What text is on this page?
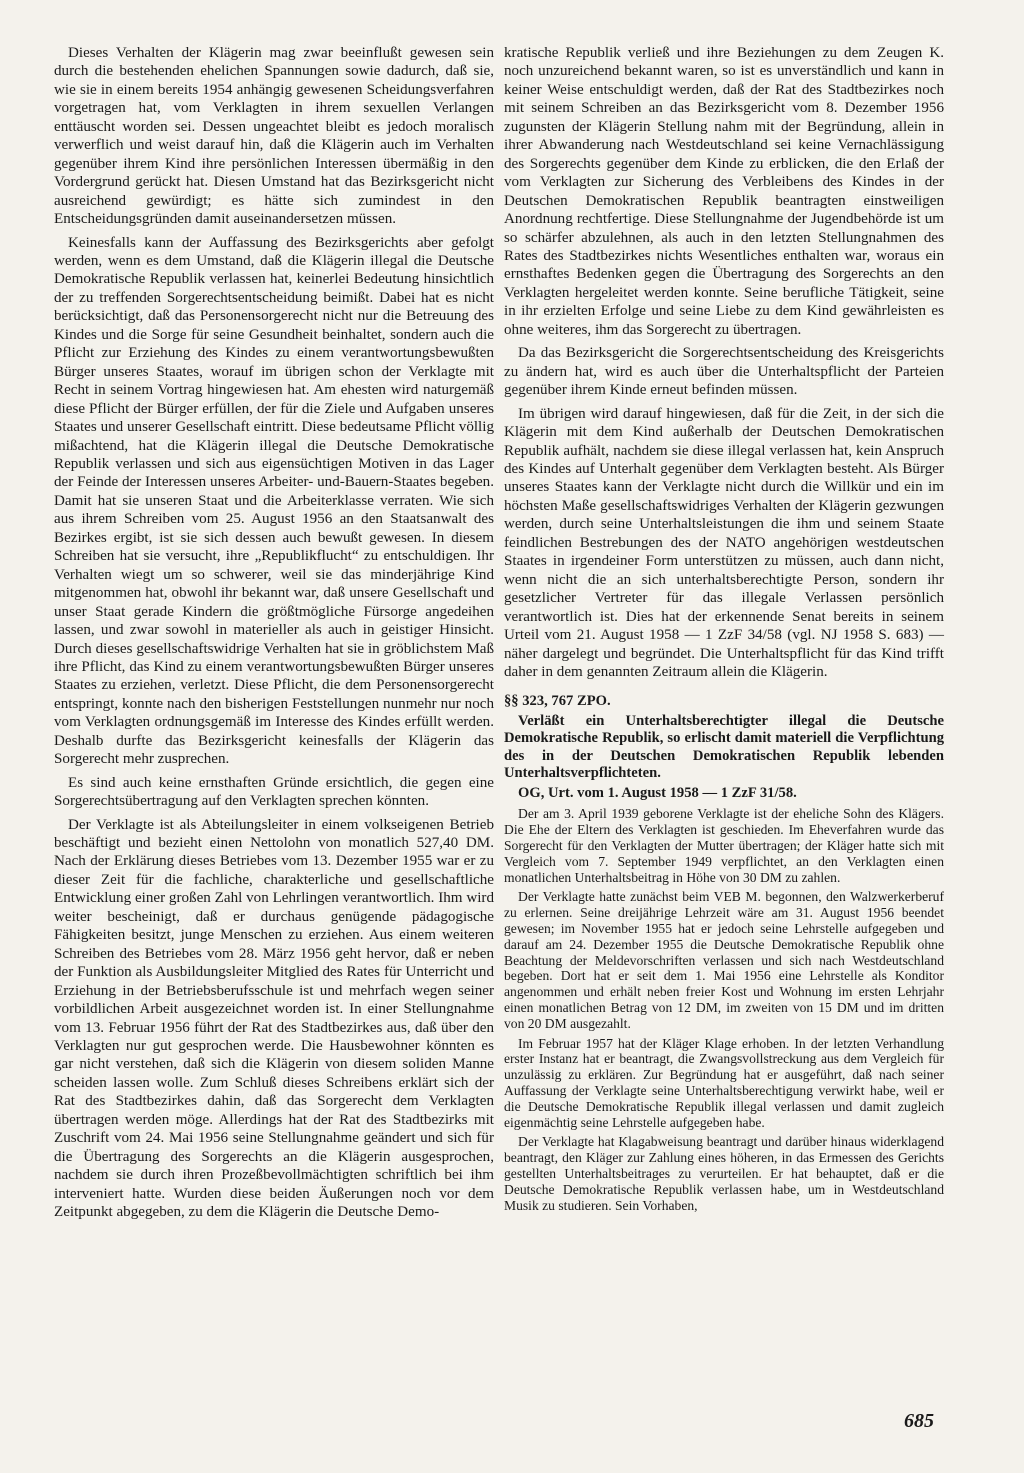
Dieses Verhalten der Klägerin mag zwar beeinflußt gewesen sein durch die bestehenden ehelichen Spannungen sowie dadurch, daß sie, wie sie in einem bereits 1954 anhängig gewesenen Scheidungsverfahren vorgetragen hat, vom Verklagten in ihrem sexuellen Verlangen enttäuscht worden sei. Dessen ungeachtet bleibt es jedoch moralisch verwerflich und weist darauf hin, daß die Klägerin auch im Verhalten gegenüber ihrem Kind ihre persönlichen Interessen übermäßig in den Vordergrund gerückt hat. Diesen Umstand hat das Bezirksgericht nicht ausreichend gewürdigt; es hätte sich zumindest in den Entscheidungsgründen damit auseinandersetzen müssen.

Keinesfalls kann der Auffassung des Bezirksgerichts aber gefolgt werden, wenn es dem Umstand, daß die Klägerin illegal die Deutsche Demokratische Republik verlassen hat, keinerlei Bedeutung hinsichtlich der zu treffenden Sorgerechtsentscheidung beimißt. Dabei hat es nicht berücksichtigt, daß das Personensorgerecht nicht nur die Betreuung des Kindes und die Sorge für seine Gesundheit beinhaltet, sondern auch die Pflicht zur Erziehung des Kindes zu einem verantwortungsbewußten Bürger unseres Staates, worauf im übrigen schon der Verklagte mit Recht in seinem Vortrag hingewiesen hat. Am ehesten wird naturgemäß diese Pflicht der Bürger erfüllen, der für die Ziele und Aufgaben unseres Staates und unserer Gesellschaft eintritt. Diese bedeutsame Pflicht völlig mißachtend, hat die Klägerin illegal die Deutsche Demokratische Republik verlassen und sich aus eigensüchtigen Motiven in das Lager der Feinde der Interessen unseres Arbeiter- und-Bauern-Staates begeben. Damit hat sie unseren Staat und die Arbeiterklasse verraten. Wie sich aus ihrem Schreiben vom 25. August 1956 an den Staatsanwalt des Bezirkes ergibt, ist sie sich dessen auch bewußt gewesen. In diesem Schreiben hat sie versucht, ihre „Republikflucht“ zu entschuldigen. Ihr Verhalten wiegt um so schwerer, weil sie das minderjährige Kind mitgenommen hat, obwohl ihr bekannt war, daß unsere Gesellschaft und unser Staat gerade Kindern die größtmögliche Fürsorge angedeihen lassen, und zwar sowohl in materieller als auch in geistiger Hinsicht. Durch dieses gesellschaftswidrige Verhalten hat sie in gröblichstem Maß ihre Pflicht, das Kind zu einem verantwortungsbewußten Bürger unseres Staates zu erziehen, verletzt. Diese Pflicht, die dem Personensorgerecht entspringt, konnte nach den bisherigen Feststellungen nunmehr nur noch vom Verklagten ordnungsgemäß im Interesse des Kindes erfüllt werden. Deshalb durfte das Bezirksgericht keinesfalls der Klägerin das Sorgerecht mehr zusprechen.

Es sind auch keine ernsthaften Gründe ersichtlich, die gegen eine Sorgerechtsübertragung auf den Verklagten sprechen könnten.

Der Verklagte ist als Abteilungsleiter in einem volkseigenen Betrieb beschäftigt und bezieht einen Nettolohn von monatlich 527,40 DM. Nach der Erklärung dieses Betriebes vom 13. Dezember 1955 war er zu dieser Zeit für die fachliche, charakterliche und gesellschaftliche Entwicklung einer großen Zahl von Lehrlingen verantwortlich. Ihm wird weiter bescheinigt, daß er durchaus genügende pädagogische Fähigkeiten besitzt, junge Menschen zu erziehen. Aus einem weiteren Schreiben des Betriebes vom 28. März 1956 geht hervor, daß er neben der Funktion als Ausbildungsleiter Mitglied des Rates für Unterricht und Erziehung in der Betriebsberufsschule ist und mehrfach wegen seiner vorbildlichen Arbeit ausgezeichnet worden ist. In einer Stellungnahme vom 13. Februar 1956 führt der Rat des Stadtbezirkes aus, daß über den Verklagten nur gut gesprochen werde. Die Hausbewohner könnten es gar nicht verstehen, daß sich die Klägerin von diesem soliden Manne scheiden lassen wolle. Zum Schluß dieses Schreibens erklärt sich der Rat des Stadtbezirkes dahin, daß das Sorgerecht dem Verklagten übertragen werden möge. Allerdings hat der Rat des Stadtbezirks mit Zuschrift vom 24. Mai 1956 seine Stellungnahme geändert und sich für die Übertragung des Sorgerechts an die Klägerin ausgesprochen, nachdem sie durch ihren Prozeßbevollmächtigten schriftlich bei ihm interveniert hatte. Wurden diese beiden Äußerungen noch vor dem Zeitpunkt abgegeben, zu dem die Klägerin die Deutsche Demo-

kratische Republik verließ und ihre Beziehungen zu dem Zeugen K. noch unzureichend bekannt waren, so ist es unverständlich und kann in keiner Weise entschuldigt werden, daß der Rat des Stadtbezirkes noch mit seinem Schreiben an das Bezirksgericht vom 8. Dezember 1956 zugunsten der Klägerin Stellung nahm mit der Begründung, allein in ihrer Abwanderung nach Westdeutschland sei keine Vernachlässigung des Sorgerechts gegenüber dem Kinde zu erblicken, die den Erlaß der vom Verklagten zur Sicherung des Verbleibens des Kindes in der Deutschen Demokratischen Republik beantragten einstweiligen Anordnung rechtfertige. Diese Stellungnahme der Jugendbehörde ist um so schärfer abzulehnen, als auch in den letzten Stellungnahmen des Rates des Stadtbezirkes nichts Wesentliches enthalten war, woraus ein ernsthaftes Bedenken gegen die Übertragung des Sorgerechts an den Verklagten hergeleitet werden konnte. Seine berufliche Tätigkeit, seine in ihr erzielten Erfolge und seine Liebe zu dem Kind gewährleisten es ohne weiteres, ihm das Sorgerecht zu übertragen.

Da das Bezirksgericht die Sorgerechtsentscheidung des Kreisgerichts zu ändern hat, wird es auch über die Unterhaltspflicht der Parteien gegenüber ihrem Kinde erneut befinden müssen.

Im übrigen wird darauf hingewiesen, daß für die Zeit, in der sich die Klägerin mit dem Kind außerhalb der Deutschen Demokratischen Republik aufhält, nachdem sie diese illegal verlassen hat, kein Anspruch des Kindes auf Unterhalt gegenüber dem Verklagten besteht. Als Bürger unseres Staates kann der Verklagte nicht durch die Willkür und ein im höchsten Maße gesellschaftswidriges Verhalten der Klägerin gezwungen werden, durch seine Unterhaltsleistungen die ihm und seinem Staate feindlichen Bestrebungen des der NATO angehörigen westdeutschen Staates in irgendeiner Form unterstützen zu müssen, auch dann nicht, wenn nicht die an sich unterhaltsberechtigte Person, sondern ihr gesetzlicher Vertreter für das illegale Verlassen persönlich verantwortlich ist. Dies hat der erkennende Senat bereits in seinem Urteil vom 21. August 1958 — 1 ZzF 34/58 (vgl. NJ 1958 S. 683) — näher dargelegt und begründet. Die Unterhaltspflicht für das Kind trifft daher in dem genannten Zeitraum allein die Klägerin.

§§ 323, 767 ZPO.

Verläßt ein Unterhaltsberechtigter illegal die Deutsche Demokratische Republik, so erlischt damit materiell die Verpflichtung des in der Deutschen Demokratischen Republik lebenden Unterhaltsverpflichteten.

OG, Urt. vom 1. August 1958 — 1 ZzF 31/58.

Der am 3. April 1939 geborene Verklagte ist der eheliche Sohn des Klägers. Die Ehe der Eltern des Verklagten ist geschieden. Im Eheverfahren wurde das Sorgerecht für den Verklagten der Mutter übertragen; der Kläger hatte sich mit Vergleich vom 7. September 1949 verpflichtet, an den Verklagten einen monatlichen Unterhaltsbeitrag in Höhe von 30 DM zu zahlen.

Der Verklagte hatte zunächst beim VEB M. begonnen, den Walzwerkerberuf zu erlernen. Seine dreijährige Lehrzeit wäre am 31. August 1956 beendet gewesen; im November 1955 hat er jedoch seine Lehrstelle aufgegeben und darauf am 24. Dezember 1955 die Deutsche Demokratische Republik ohne Beachtung der Meldevorschriften verlassen und sich nach Westdeutschland begeben. Dort hat er seit dem 1. Mai 1956 eine Lehrstelle als Konditor angenommen und erhält neben freier Kost und Wohnung im ersten Lehrjahr einen monatlichen Betrag von 12 DM, im zweiten von 15 DM und im dritten von 20 DM ausgezahlt.

Im Februar 1957 hat der Kläger Klage erhoben. In der letzten Verhandlung erster Instanz hat er beantragt, die Zwangsvollstreckung aus dem Vergleich für unzulässig zu erklären. Zur Begründung hat er ausgeführt, daß nach seiner Auffassung der Verklagte seine Unterhaltsberechtigung verwirkt habe, weil er die Deutsche Demokratische Republik illegal verlassen und damit zugleich eigenmächtig seine Lehrstelle aufgegeben habe.

Der Verklagte hat Klagabweisung beantragt und darüber hinaus widerklagend beantragt, den Kläger zur Zahlung eines höheren, in das Ermessen des Gerichts gestellten Unterhaltsbeitrages zu verurteilen. Er hat behauptet, daß er die Deutsche Demokratische Republik verlassen habe, um in Westdeutschland Musik zu studieren. Sein Vorhaben,

685
